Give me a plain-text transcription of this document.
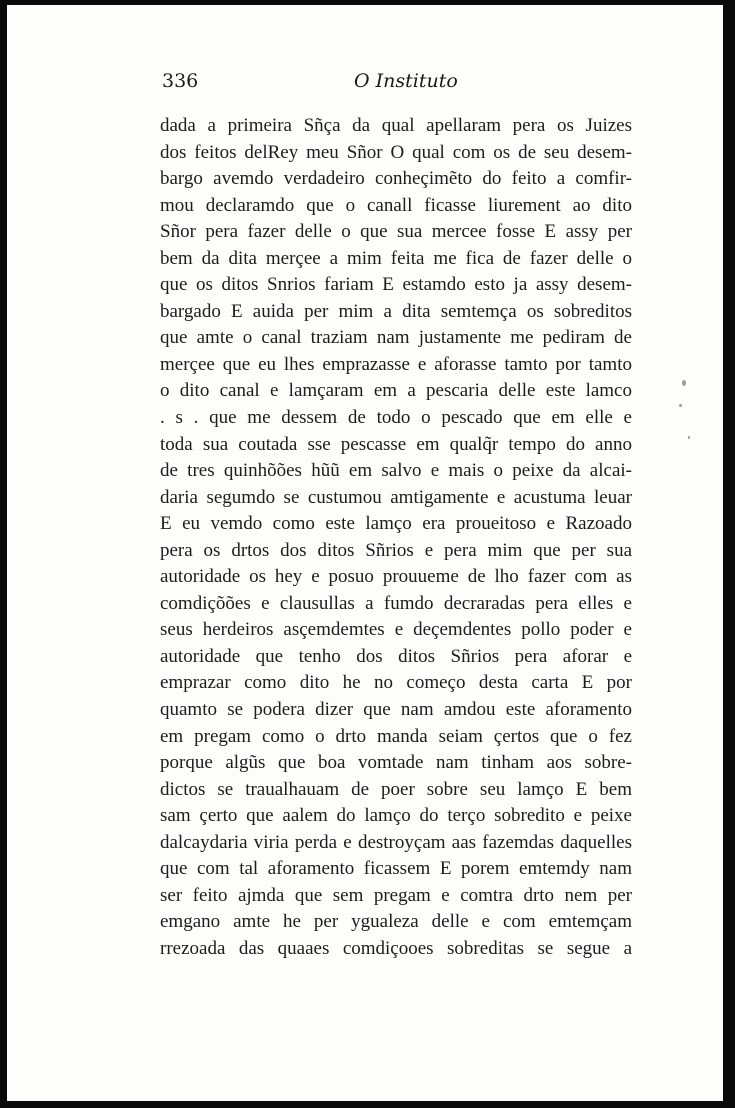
336	O Instituto
dada a primeira Sñça da qual apellaram pera os Juizes
dos feitos delRey meu Sñor O qual com os de seu desem-
bargo avemdo verdadeiro conheçimẽto do feito a comfir-
mou declaramdo que o canall ficasse liurement ao dito
Sñor pera fazer delle o que sua mercee fosse E assy per
bem da dita merçee a mim feita me fica de fazer delle o
que os ditos Snrios fariam E estamdo esto ja assy desem-
bargado E auida per mim a dita semtemça os sobreditos
que amte o canal traziam nam justamente me pediram de
merçee que eu lhes emprazasse e aforasse tamto por tamto
o dito canal e lamçaram em a pescaria delle este lamco
. s . que me dessem de todo o pescado que em elle e
toda sua coutada sse pescasse em qualq̃r tempo do anno
de tres quinhõões hũũ em salvo e mais o peixe da alcai-
daria segumdo se custumou amtigamente e acustuma leuar
E eu vemdo como este lamço era proueitoso e Razoado
pera os drtos dos ditos Sñrios e pera mim que per sua
autoridade os hey e posuo prouueme de lho fazer com as
comdiçõões e clausullas a fumdo decraradas pera elles e
seus herdeiros asçemdemtes e deçemdentes pollo poder e
autoridade que tenho dos ditos Sñrios pera aforar e
emprazar como dito he no começo desta carta E por
quamto se podera dizer que nam amdou este aforamento
em pregam como o drto manda seiam çertos que o fez
porque algũs que boa vomtade nam tinham aos sobre-
dictos se traualhauam de poer sobre seu lamço E bem
sam çerto que aalem do lamço do terço sobredito e peixe
dalcaydaria viria perda e destroyçam aas fazemdas daquelles
que com tal aforamento ficassem E porem emtemdy nam
ser feito ajmda que sem pregam e comtra drto nem per
emgano amte he per ygualeza delle e com emtemçam
rrezoada das quaaes comdiçooes sobreditas se segue a
